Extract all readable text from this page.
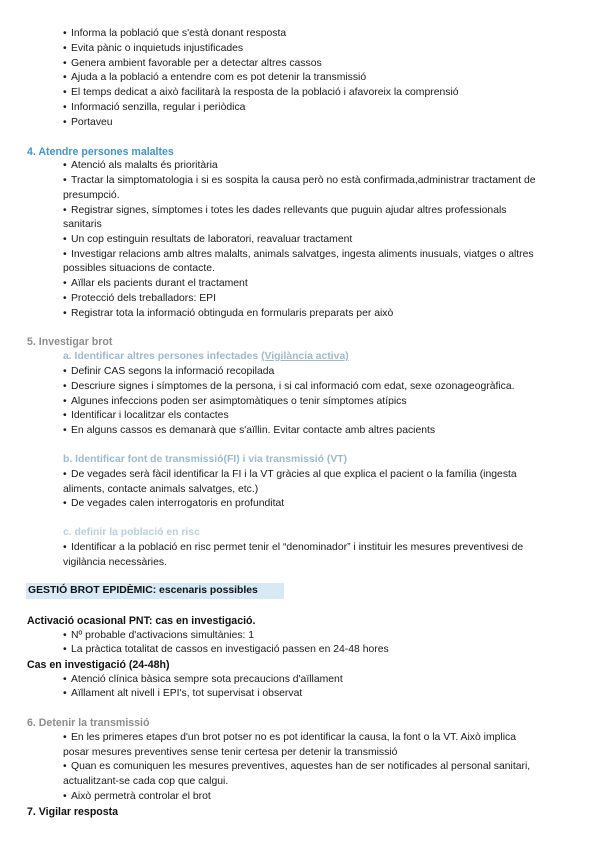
• Informa la població que s'està donant resposta
• Evita pànic o inquietuds injustificades
• Genera ambient favorable per a detectar altres cassos
• Ajuda a la població a entendre com es pot detenir la transmissió
• El temps dedicat a això facilitarà la resposta de la població i afavoreix la comprensió
• Informació senzilla, regular i periòdica
• Portaveu
4. Atendre persones malaltes
• Atenció als malalts és prioritària
• Tractar la simptomatologia i si es sospita la causa però no està confirmada,administrar tractament de
presumpció.
• Registrar signes, símptomes i totes les dades rellevants que puguin ajudar altres professionals
sanitaris
• Un cop estinguin resultats de laboratori, reavaluar tractament
• Investigar relacions amb altres malalts, animals salvatges, ingesta aliments inusuals, viatges o altres
possibles situacions de contacte.
• Aïllar els pacients durant el tractament
• Protecció dels treballadors: EPI
• Registrar tota la informació obtinguda en formularis preparats per això
5. Investigar brot
a. Identificar altres persones infectades (Vigilància activa)
• Definir CAS segons la informació recopilada
• Descriure signes i símptomes de la persona, i si cal informació com edat, sexe ozonageogràfica.
• Algunes infeccions poden ser asimptomàtiques o tenir símptomes atípics
• Identificar i localitzar els contactes
• En alguns cassos es demanarà que s'aïllin. Evitar contacte amb altres pacients
b. Identificar font de transmissió(FI) i via transmissió (VT)
• De vegades serà fàcil identificar la FI i la VT gràcies al que explica el pacient o la família (ingesta
aliments, contacte animals salvatges, etc.)
• De vegades calen interrogatoris en profunditat
c. definir la població en risc
• Identificar a la població en risc permet tenir el “denominador” i instituir les mesures preventivesi de
vigilància necessàries.
GESTIÓ BROT EPIDÈMIC: escenaris possibles
Activació ocasional PNT: cas en investigació.
• Nº probable d'activacions simultànies: 1
• La pràctica totalitat de cassos en investigació passen en 24-48 hores
Cas en investigació (24-48h)
• Atenció clínica bàsica sempre sota precaucions d'aïllament
• Aïllament alt nivell i EPI's, tot supervisat i observat
6. Detenir la transmissió
• En les primeres etapes d'un brot potser no es pot identificar la causa, la font o la VT. Això implica
posar mesures preventives sense tenir certesa per detenir la transmissió
• Quan es comuniquen les mesures preventives, aquestes han de ser notificades al personal sanitari,
actualitzant-se cada cop que calgui.
• Això permetrà controlar el brot
7. Vigilar resposta
